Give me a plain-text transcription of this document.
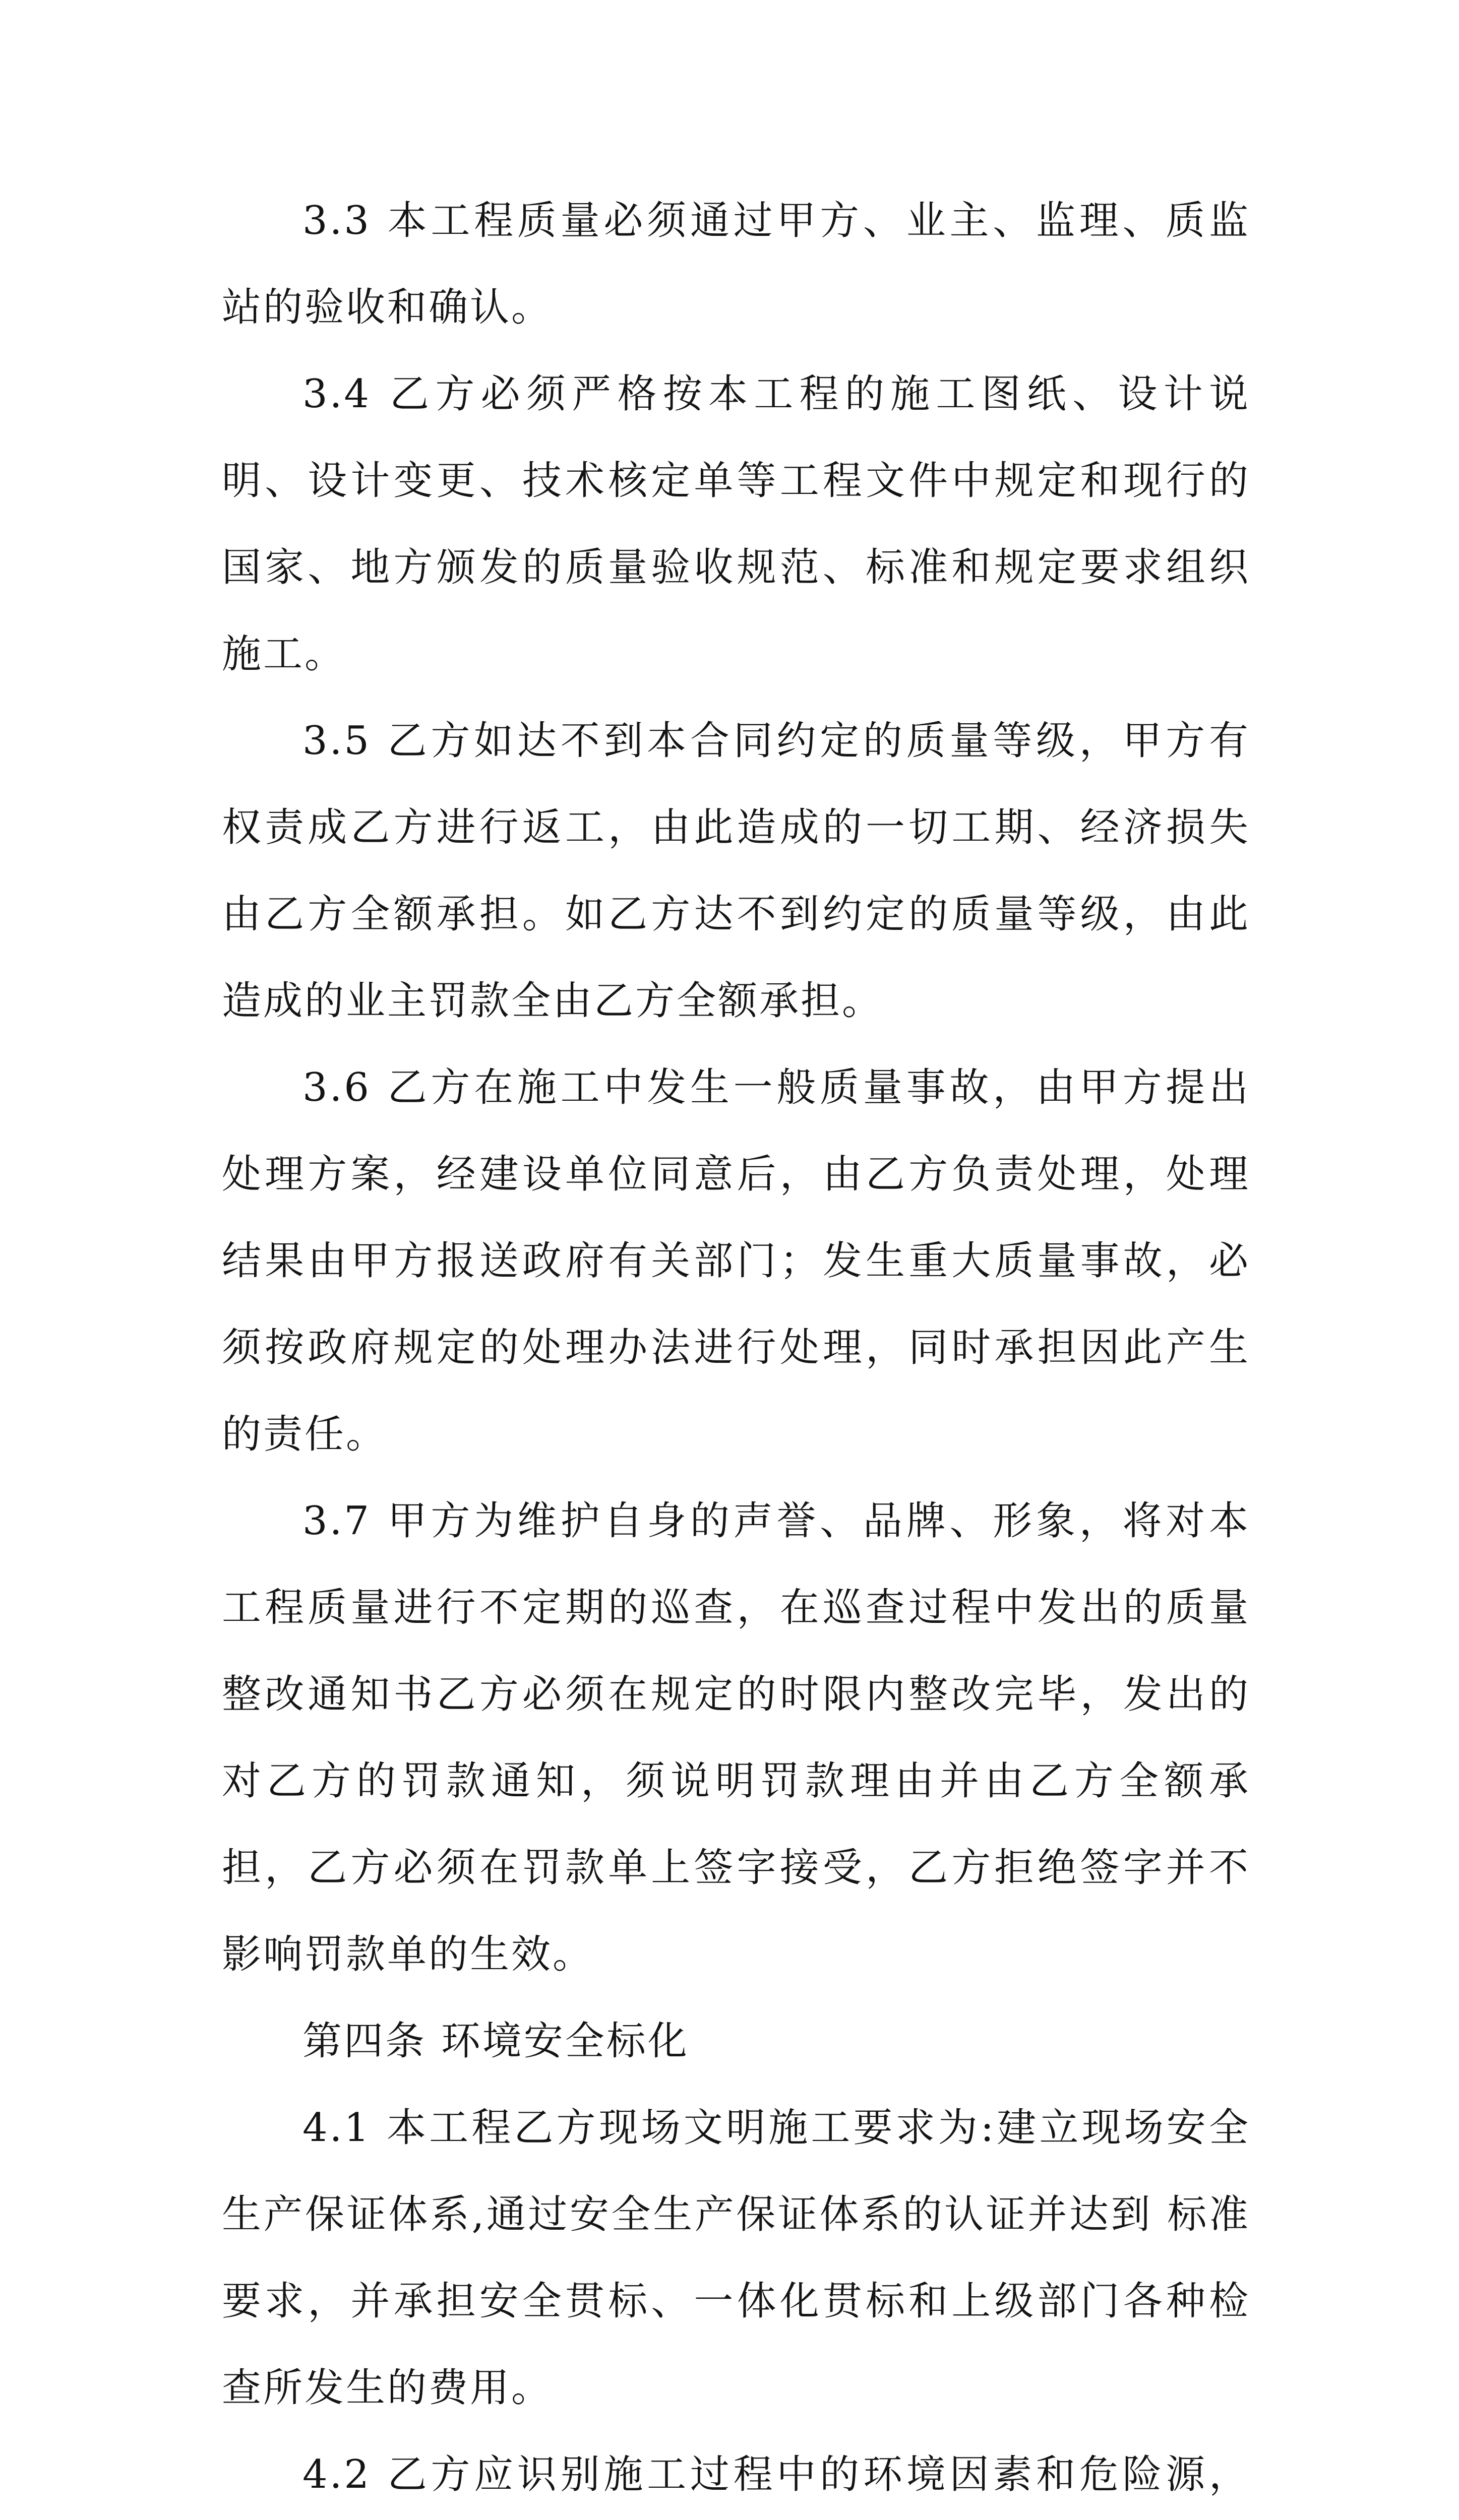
3.3 本工程质量必须通过甲方、业主、监理、质监站的验收和确认。

3.4 乙方必须严格按本工程的施工图纸、设计说明、设计变更、技术核定单等工程文件中规定和现行的国家、地方颁发的质量验收规范、标准和规定要求组织施工。

3.5 乙方如达不到本合同约定的质量等级，甲方有权责成乙方进行返工，由此造成的一切工期、经济损失由乙方全额承担。如乙方达不到约定的质量等级，由此造成的业主罚款全由乙方全额承担。

3.6 乙方在施工中发生一般质量事故，由甲方提出处理方案，经建设单位同意后，由乙方负责处理，处理结果由甲方报送政府有关部门；发生重大质量事故，必须按政府规定的处理办法进行处理，同时承担因此产生的责任。

3.7 甲方为维护自身的声誉、品牌、形象，将对本工程质量进行不定期的巡查，在巡查过程中发出的质量整改通知书乙方必须在规定的时限内整改完毕，发出的对乙方的罚款通知，须说明罚款理由并由乙方全额承担，乙方必须在罚款单上签字接受，乙方拒绝签字并不影响罚款单的生效。

第四条 环境安全标化

4.1 本工程乙方现场文明施工要求为:建立现场安全生产保证体系,通过安全生产保证体系的认证并达到 标准要求，并承担安全贯标、一体化贯标和上级部门各种检查所发生的费用。

4.2 乙方应识别施工过程中的环境因素和危险源，
